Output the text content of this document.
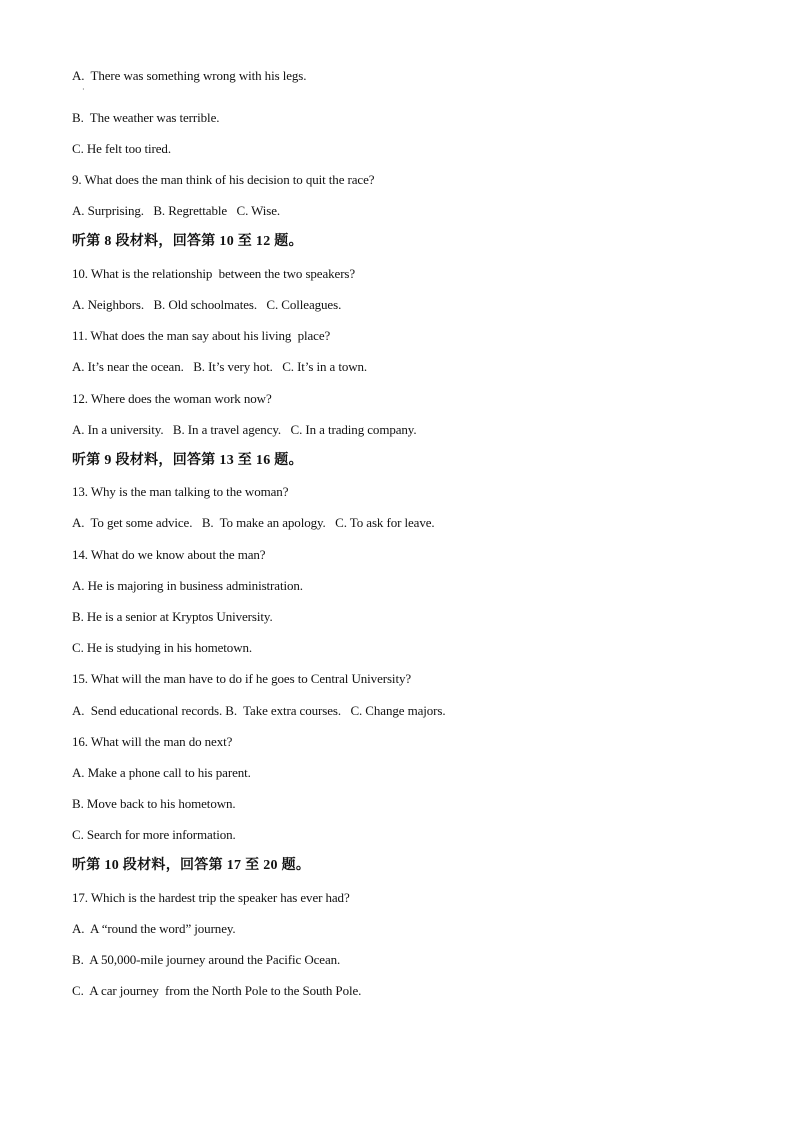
·
A.  There was something wrong with his legs.
B.  The weather was terrible.
C. He felt too tired.
9. What does the man think of his decision to quit the race?
A. Surprising.   B. Regrettable   C. Wise.
听第 8 段材料，回答第 10 至 12 题。
10. What is the relationship  between the two speakers?
A. Neighbors.   B. Old schoolmates.   C. Colleagues.
11. What does the man say about his living  place?
A. It’s near the ocean.   B. It’s very hot.   C. It’s in a town.
12. Where does the woman work now?
A. In a university.   B. In a travel agency.   C. In a trading company.
听第 9 段材料，回答第 13 至 16 题。
13. Why is the man talking to the woman?
A.  To get some advice.   B.  To make an apology.   C. To ask for leave.
14. What do we know about the man?
A. He is majoring in business administration.
B. He is a senior at Kryptos University.
C. He is studying in his hometown.
15. What will the man have to do if he goes to Central University?
A.  Send educational records. B.  Take extra courses.   C. Change majors.
16. What will the man do next?
A. Make a phone call to his parent.
B. Move back to his hometown.
C. Search for more information.
听第 10 段材料，回答第 17 至 20 题。
17. Which is the hardest trip the speaker has ever had?
A.  A “round the word” journey.
B.  A 50,000-mile journey around the Pacific Ocean.
C.  A car journey  from the North Pole to the South Pole.
